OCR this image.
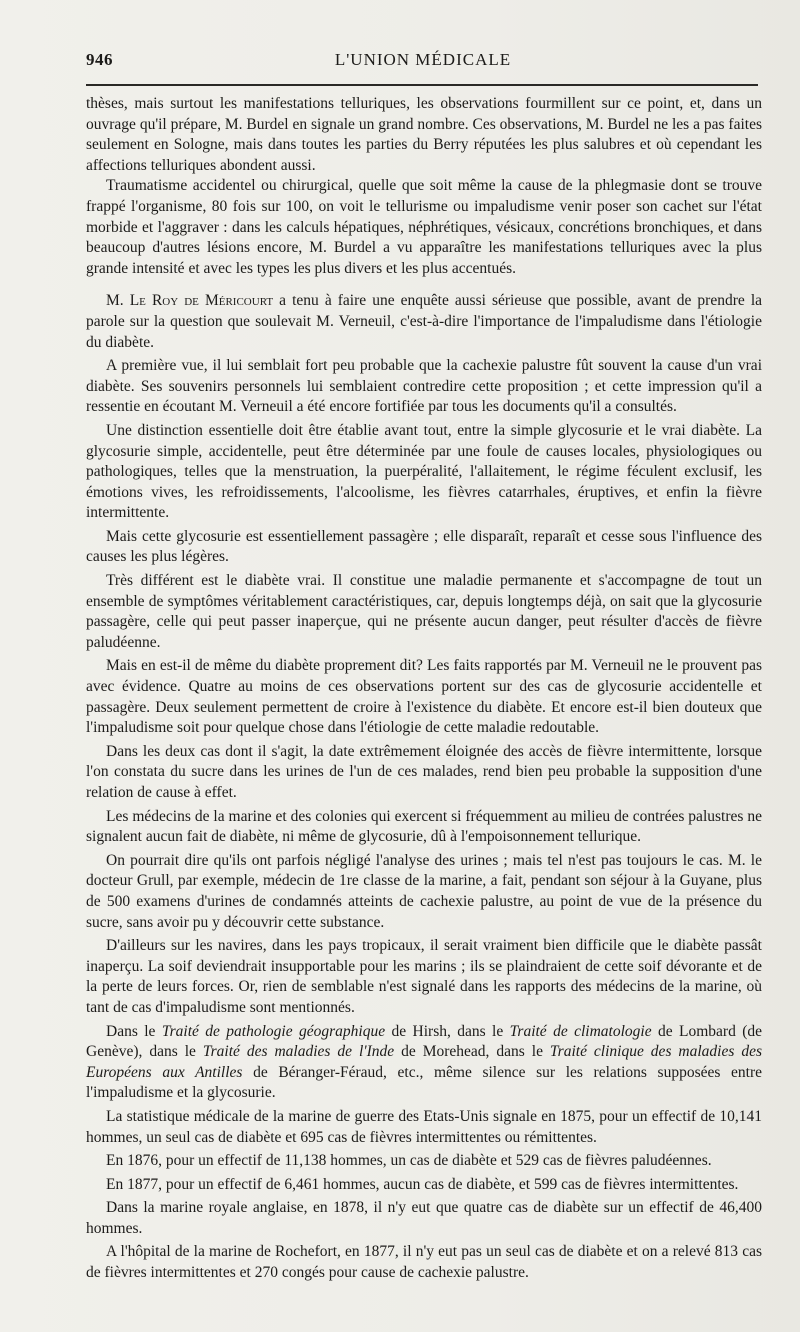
946	L'UNION MÉDICALE

thèses, mais surtout les manifestations telluriques, les observations fourmillent sur ce point, et, dans un ouvrage qu'il prépare, M. Burdel en signale un grand nombre. Ces observations, M. Burdel ne les a pas faites seulement en Sologne, mais dans toutes les parties du Berry réputées les plus salubres et où cependant les affections telluriques abondent aussi.

Traumatisme accidentel ou chirurgical, quelle que soit même la cause de la phlegmasie dont se trouve frappé l'organisme, 80 fois sur 100, on voit le tellurisme ou impaludisme venir poser son cachet sur l'état morbide et l'aggraver : dans les calculs hépatiques, néphrétiques, vésicaux, concrétions bronchiques, et dans beaucoup d'autres lésions encore, M. Burdel a vu apparaître les manifestations telluriques avec la plus grande intensité et avec les types les plus divers et les plus accentués.

M. Le Roy de Méricourt a tenu à faire une enquête aussi sérieuse que possible, avant de prendre la parole sur la question que soulevait M. Verneuil, c'est-à-dire l'importance de l'impaludisme dans l'étiologie du diabète.

A première vue, il lui semblait fort peu probable que la cachexie palustre fût souvent la cause d'un vrai diabète. Ses souvenirs personnels lui semblaient contredire cette proposition ; et cette impression qu'il a ressentie en écoutant M. Verneuil a été encore fortifiée par tous les documents qu'il a consultés.

Une distinction essentielle doit être établie avant tout, entre la simple glycosurie et le vrai diabète. La glycosurie simple, accidentelle, peut être déterminée par une foule de causes locales, physiologiques ou pathologiques, telles que la menstruation, la puerpéralité, l'allaitement, le régime féculent exclusif, les émotions vives, les refroidissements, l'alcoolisme, les fièvres catarrhales, éruptives, et enfin la fièvre intermittente.

Mais cette glycosurie est essentiellement passagère ; elle disparaît, reparaît et cesse sous l'influence des causes les plus légères.

Très différent est le diabète vrai. Il constitue une maladie permanente et s'accompagne de tout un ensemble de symptômes véritablement caractéristiques, car, depuis longtemps déjà, on sait que la glycosurie passagère, celle qui peut passer inaperçue, qui ne présente aucun danger, peut résulter d'accès de fièvre paludéenne.

Mais en est-il de même du diabète proprement dit? Les faits rapportés par M. Verneuil ne le prouvent pas avec évidence. Quatre au moins de ces observations portent sur des cas de glycosurie accidentelle et passagère. Deux seulement permettent de croire à l'existence du diabète. Et encore est-il bien douteux que l'impaludisme soit pour quelque chose dans l'étiologie de cette maladie redoutable.

Dans les deux cas dont il s'agit, la date extrêmement éloignée des accès de fièvre intermittente, lorsque l'on constata du sucre dans les urines de l'un de ces malades, rend bien peu probable la supposition d'une relation de cause à effet.

Les médecins de la marine et des colonies qui exercent si fréquemment au milieu de contrées palustres ne signalent aucun fait de diabète, ni même de glycosurie, dû à l'empoisonnement tellurique.

On pourrait dire qu'ils ont parfois négligé l'analyse des urines ; mais tel n'est pas toujours le cas. M. le docteur Grull, par exemple, médecin de 1re classe de la marine, a fait, pendant son séjour à la Guyane, plus de 500 examens d'urines de condamnés atteints de cachexie palustre, au point de vue de la présence du sucre, sans avoir pu y découvrir cette substance.

D'ailleurs sur les navires, dans les pays tropicaux, il serait vraiment bien difficile que le diabète passât inaperçu. La soif deviendrait insupportable pour les marins ; ils se plaindraient de cette soif dévorante et de la perte de leurs forces. Or, rien de semblable n'est signalé dans les rapports des médecins de la marine, où tant de cas d'impaludisme sont mentionnés.

Dans le Traité de pathologie géographique de Hirsh, dans le Traité de climatologie de Lombard (de Genève), dans le Traité des maladies de l'Inde de Morehead, dans le Traité clinique des maladies des Européens aux Antilles de Béranger-Féraud, etc., même silence sur les relations supposées entre l'impaludisme et la glycosurie.

La statistique médicale de la marine de guerre des Etats-Unis signale en 1875, pour un effectif de 10,141 hommes, un seul cas de diabète et 695 cas de fièvres intermittentes ou rémittentes.

En 1876, pour un effectif de 11,138 hommes, un cas de diabète et 529 cas de fièvres paludéennes.

En 1877, pour un effectif de 6,461 hommes, aucun cas de diabète, et 599 cas de fièvres intermittentes.

Dans la marine royale anglaise, en 1878, il n'y eut que quatre cas de diabète sur un effectif de 46,400 hommes.

A l'hôpital de la marine de Rochefort, en 1877, il n'y eut pas un seul cas de diabète et on a relevé 813 cas de fièvres intermittentes et 270 congés pour cause de cachexie palustre.
